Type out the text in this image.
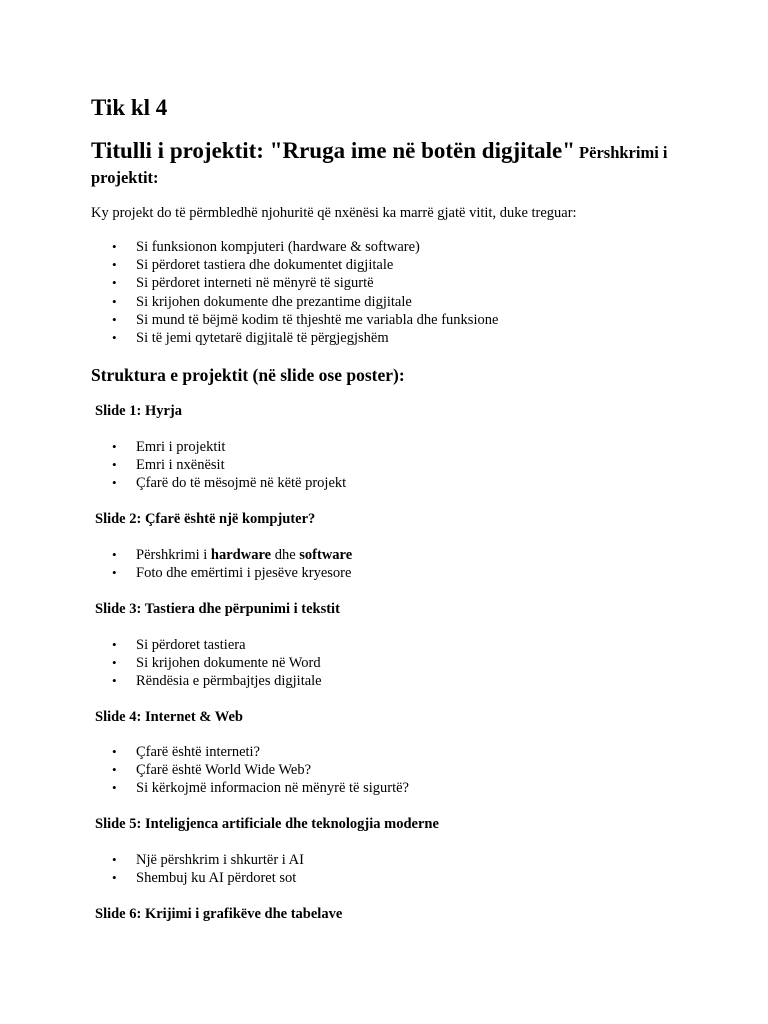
Tik kl 4

Titulli i projektit: "Rruga ime në botën digjitale" Përshkrimi i projektit:

Ky projekt do të përmbledhë njohuritë që nxënësi ka marrë gjatë vitit, duke treguar:

• Si funksionon kompjuteri (hardware & software)
• Si përdoret tastiera dhe dokumentet digjitale
• Si përdoret interneti në mënyrë të sigurtë
• Si krijohen dokumente dhe prezantime digjitale
• Si mund të bëjmë kodim të thjeshtë me variabla dhe funksione
• Si të jemi qytetarë digjitalë të përgjegjshëm
Struktura e projektit (në slide ose poster):
Slide 1: Hyrja
• Emri i projektit
• Emri i nxënësit
• Çfarë do të mësojmë në këtë projekt
Slide 2: Çfarë është një kompjuter?
• Përshkrimi i hardware dhe software
• Foto dhe emërtimi i pjesëve kryesore
Slide 3: Tastiera dhe përpunimi i tekstit
• Si përdoret tastiera
• Si krijohen dokumente në Word
• Rëndësia e përmbajtjes digjitale
Slide 4: Internet & Web
• Çfarë është interneti?
• Çfarë është World Wide Web?
• Si kërkojmë informacion në mënyrë të sigurtë?
Slide 5: Inteligjenca artificiale dhe teknologjia moderne
• Një përshkrim i shkurtër i AI
• Shembuj ku AI përdoret sot
Slide 6: Krijimi i grafikëve dhe tabelave
